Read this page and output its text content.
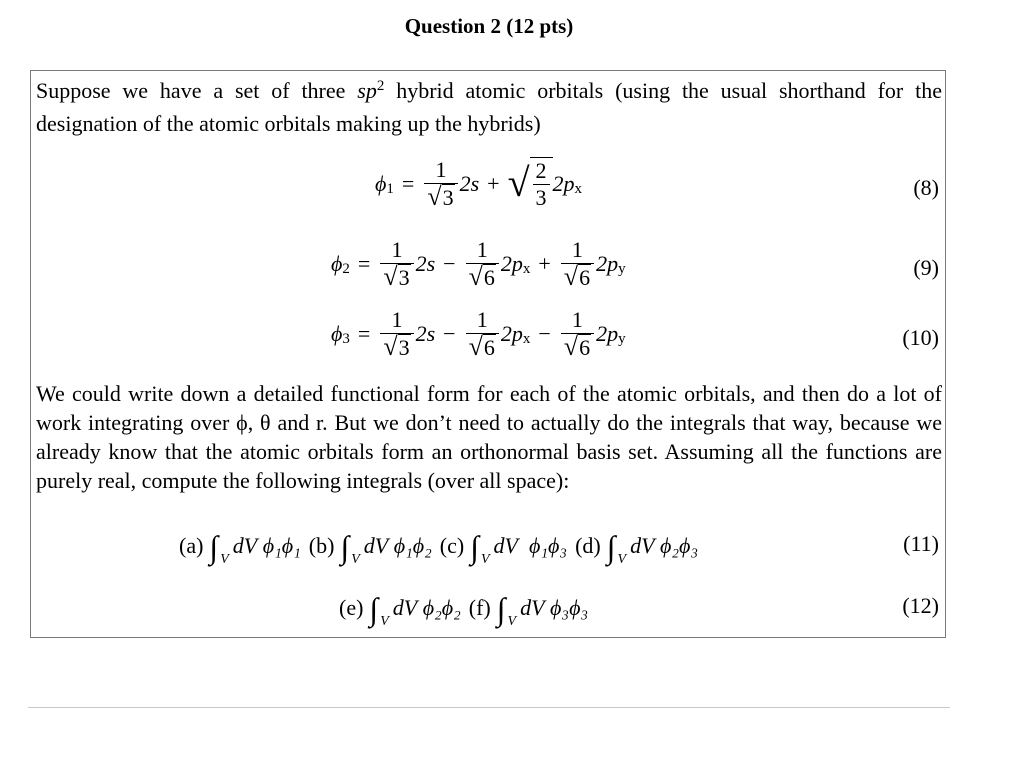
Question 2 (12 pts)
Suppose we have a set of three $sp^2$ hybrid atomic orbitals (using the usual shorthand for the designation of the atomic orbitals making up the hybrids)
ϕ $1 = \frac{1}{√ 3} 2s$ + √ $\frac{2}{3} 2p$ x	(8)
ϕ $2 = \frac{1}{√ 3} 2s - \frac{1}{√ 6} 2p$ $x + \frac{1}{√ 6} 2p$ y	(9)
ϕ $3 = \frac{1}{√ 3} 2s - \frac{1}{√ 6} 2p$ $x - \frac{1}{√ 6} 2p$ y	(10)
We could write down a detailed functional form for each of the atomic orbitals, and then do a lot of work integrating over ϕ, θ and r. But we don’t need to actually do the integrals that way, because we already know that the atomic orbitals form an orthonormal basis set. Assuming all the functions are purely real, compute the following integrals (over all space):
(a) ∫ V
dV
ϕ₁ϕ₁ (b) ∫ V
dV
ϕ₁ϕ₂ (c) ∫ V
dV
ϕ₁ϕ₃ (d) ∫ V
dV
ϕ₂ϕ₃	(11)
(e) ∫ V
dV
ϕ₂ϕ₂ (f) ∫ V
dV
ϕ₃ϕ₃	(12)
